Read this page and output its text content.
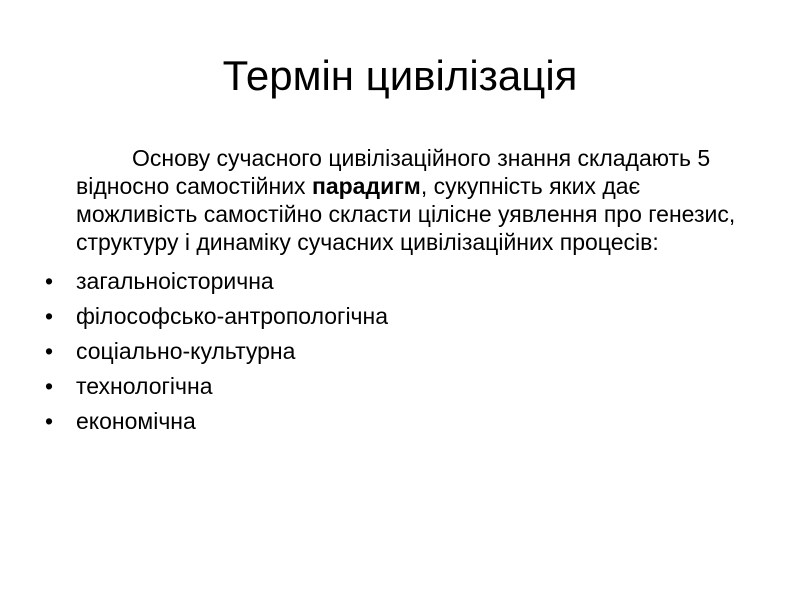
Термін цивілізація

Основу сучасного цивілізаційного знання складають 5 відносно самостійних парадигм, сукупність яких дає можливість самостійно скласти цілісне уявлення про генезис, структуру і динаміку сучасних цивілізаційних процесів:

• загальноісторична
• філософсько-антропологічна
• соціально-культурна
• технологічна
• економічна
